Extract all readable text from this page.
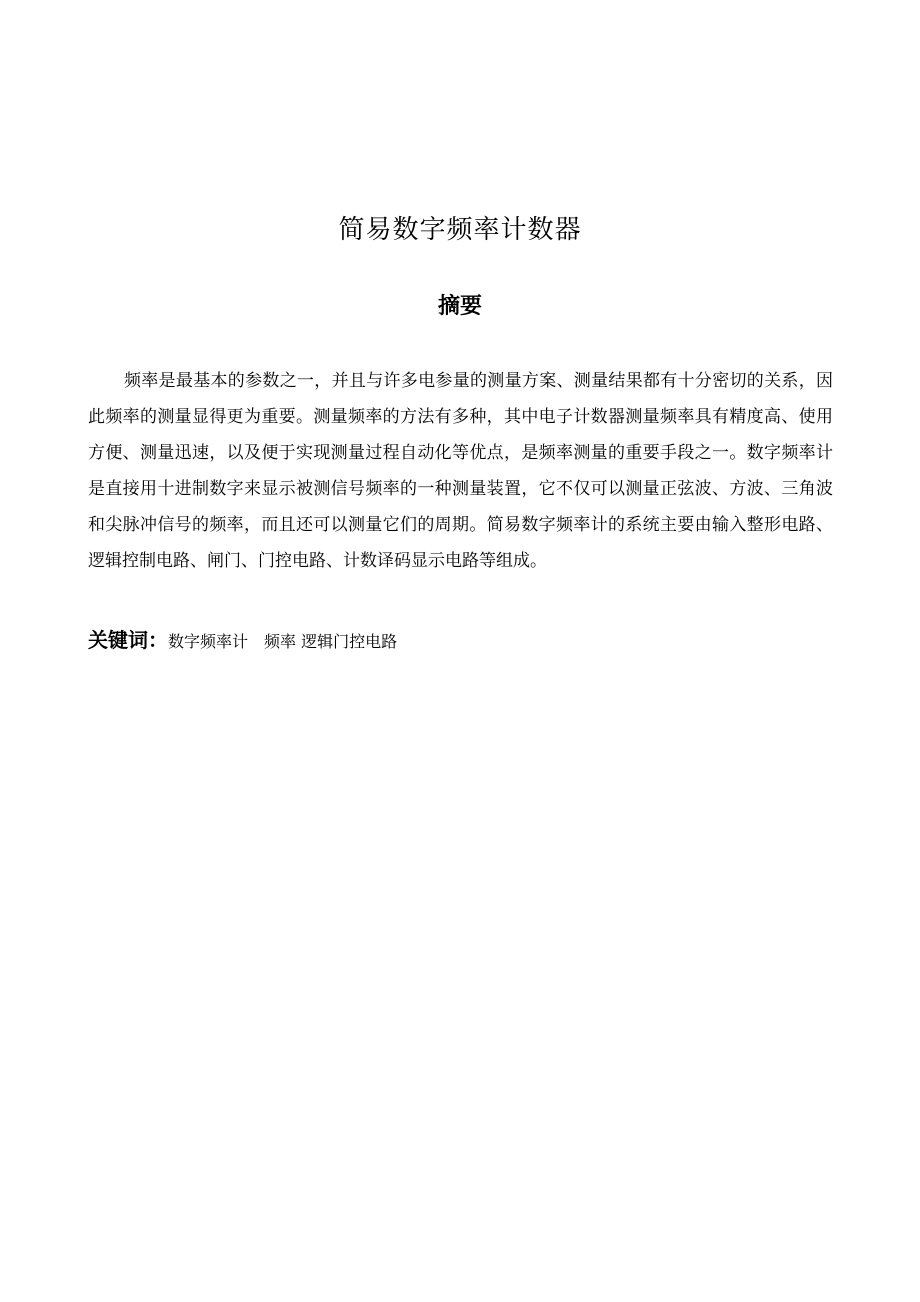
简易数字频率计数器
摘要

频率是最基本的参数之一，并且与许多电参量的测量方案、测量结果都有十分密切的关系，因此频率的测量显得更为重要。测量频率的方法有多种，其中电子计数器测量频率具有精度高、使用方便、测量迅速，以及便于实现测量过程自动化等优点，是频率测量的重要手段之一。数字频率计是直接用十进制数字来显示被测信号频率的一种测量装置，它不仅可以测量正弦波、方波、三角波和尖脉冲信号的频率，而且还可以测量它们的周期。简易数字频率计的系统主要由输入整形电路、逻辑控制电路、闸门、门控电路、计数译码显示电路等组成。

关键词：数字频率计　频率 逻辑门控电路
